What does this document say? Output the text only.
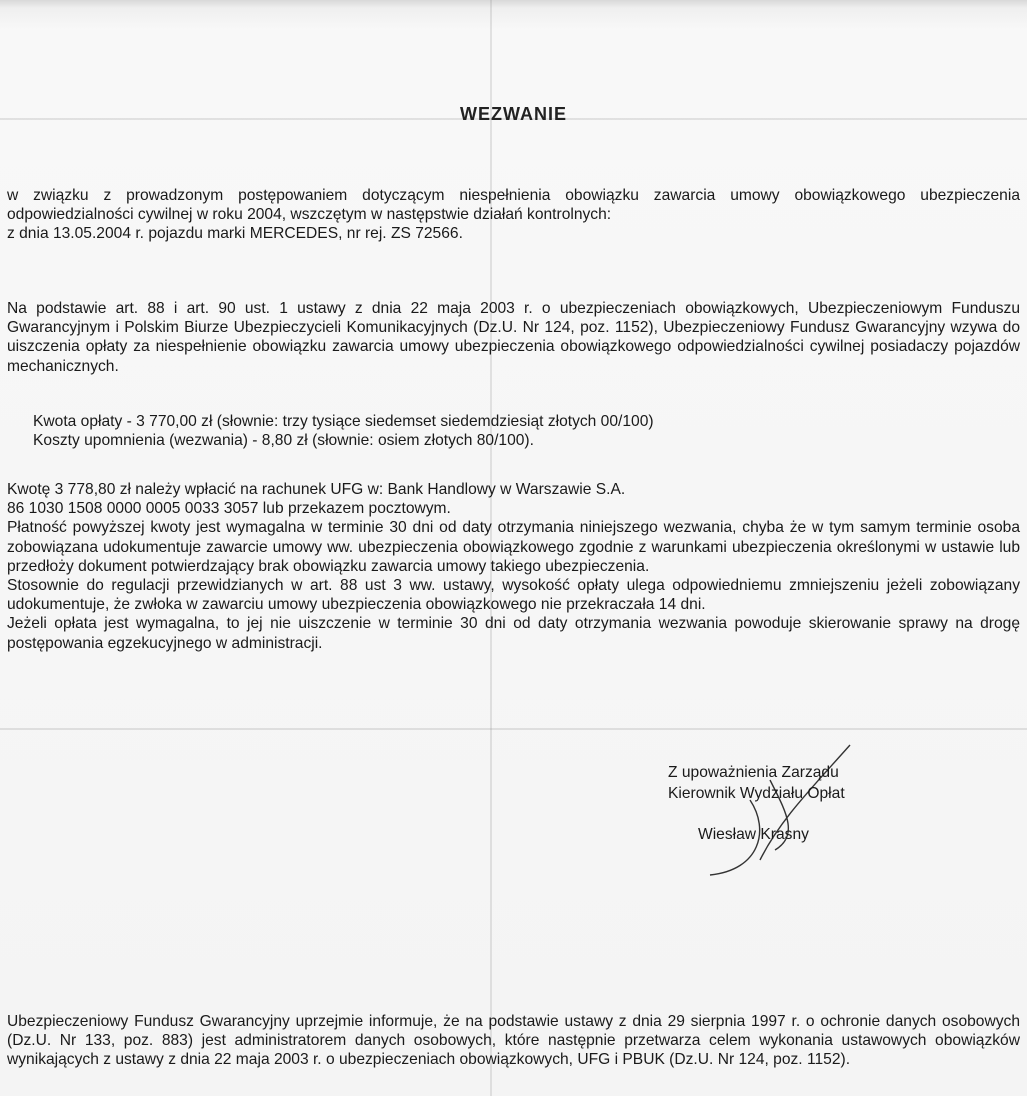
WEZWANIE

w związku z prowadzonym postępowaniem dotyczącym niespełnienia obowiązku zawarcia umowy obowiązkowego ubezpieczenia odpowiedzialności cywilnej w roku 2004, wszczętym w następstwie działań kontrolnych:

z dnia 13.05.2004 r. pojazdu marki MERCEDES, nr rej. ZS 72566.

Na podstawie art. 88 i art. 90 ust. 1 ustawy z dnia 22 maja 2003 r. o ubezpieczeniach obowiązkowych, Ubezpieczeniowym Funduszu Gwarancyjnym i Polskim Biurze Ubezpieczycieli Komunikacyjnych (Dz.U. Nr 124, poz. 1152), Ubezpieczeniowy Fundusz Gwarancyjny wzywa do uiszczenia opłaty za niespełnienie obowiązku zawarcia umowy ubezpieczenia obowiązkowego odpowiedzialności cywilnej posiadaczy pojazdów mechanicznych.

Kwota opłaty - 3 770,00 zł (słownie: trzy tysiące siedemset siedemdziesiąt złotych 00/100)

Koszty upomnienia (wezwania) - 8,80 zł (słownie: osiem złotych 80/100).

Kwotę 3 778,80 zł należy wpłacić na rachunek UFG w: Bank Handlowy w Warszawie S.A.

86 1030 1508 0000 0005 0033 3057 lub przekazem pocztowym.

Płatność powyższej kwoty jest wymagalna w terminie 30 dni od daty otrzymania niniejszego wezwania, chyba że w tym samym terminie osoba zobowiązana udokumentuje zawarcie umowy ww. ubezpieczenia obowiązkowego zgodnie z warunkami ubezpieczenia określonymi w ustawie lub przedłoży dokument potwierdzający brak obowiązku zawarcia umowy takiego ubezpieczenia.

Stosownie do regulacji przewidzianych w art. 88 ust 3 ww. ustawy, wysokość opłaty ulega odpowiedniemu zmniejszeniu jeżeli zobowiązany udokumentuje, że zwłoka w zawarciu umowy ubezpieczenia obowiązkowego nie przekraczała 14 dni.

Jeżeli opłata jest wymagalna, to jej nie uiszczenie w terminie 30 dni od daty otrzymania wezwania powoduje skierowanie sprawy na drogę postępowania egzekucyjnego w administracji.

Z upoważnienia Zarządu
Kierownik Wydziału Opłat
Wiesław Krasny

Ubezpieczeniowy Fundusz Gwarancyjny uprzejmie informuje, że na podstawie ustawy z dnia 29 sierpnia 1997 r. o ochronie danych osobowych (Dz.U. Nr 133, poz. 883) jest administratorem danych osobowych, które następnie przetwarza celem wykonania ustawowych obowiązków wynikających z ustawy z dnia 22 maja 2003 r. o ubezpieczeniach obowiązkowych, UFG i PBUK (Dz.U. Nr 124, poz. 1152).
